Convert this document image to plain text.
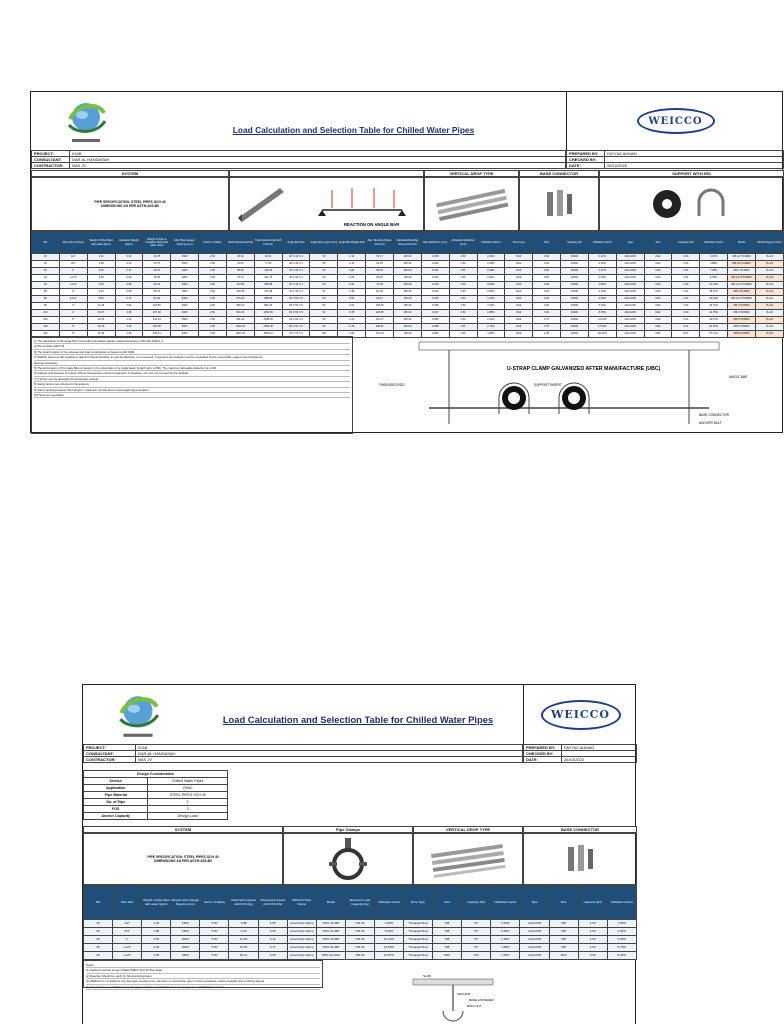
Load Calculation and Selection Table for Chilled Water Pipes
WEICCO
PROJECT:	ICAB
CONSULTANT:	DAR AL HANDASAH
CONTRACTOR:	NAS JV
PREPARED BY:	FAYYAZ AHMAD
CHECKED BY:	
DATE:	26/10/2022
SYSTEM	VERTICAL DROP TYPE	BASE CONNECTOR	SUPPORT WITH RSI
PIPE SPECIFICATION: STEEL PIPES SCH 40
DIMENSIONS AS PER ASTM A53-B0
REACTION ON ANGLE BAR
DN	Pipe Size (Inches)	Weight of Pipe filled with water (kg/m)	Insulation Weight (kg/m)	Weight of Pipe & Insulation filled with water (N/m)	Max Pipe Hanger Spacing (mm)	Factor of Safety	Total induced load (N)	Total induced load with FOS (N)	Angle Bar Size	Angle Bar Length (mm)	Angle Bar Weight (kN)	Max. Bending Stress (N/mm2)	Allowable Bending Stress (N/mm2)	Max Deflection (mm)	Allowable Deflection (mm)	Utilization Factor	Drop Type	Size	Capacity (N)	Utilization Factor	Type	Size	Capacity (kN)	Utilization Factor	Model	Model Support Insert
15	1/2"	1.31	0.40	16.78	1500	2.50	25.16	62.91	40 X 40 X 4	50	0.12	50.17	165.00	0.008	2.50	0.30%	M10	0.60	15000	0.42%	ANCHOR	M10	2.00	3.15%	RB-1/2"X13MM	IS-1/4
20	3/4"	1.68	0.43	20.70	1500	2.50	31.05	77.63	40 X 40 X 4	50	0.15	52.18	165.00	0.009	2.50	0.36%	M10	0.60	15000	0.52%	ANCHOR	M10	2.00	3.88%	RB-3/4"X13MM	IS-1/4
25	1"	2.50	0.47	29.13	2000	2.50	58.26	145.65	40 X 40 X 4	50	0.20	58.35	165.00	0.012	2.50	0.48%	M10	0.60	15000	0.97%	ANCHOR	M10	2.00	7.28%	RB-1"X13MM	IS-1/4
32	1-1/4"	3.39	0.52	38.35	2000	2.50	76.70	191.75	40 X 40 X 4	50	0.25	66.25	165.00	0.016	2.50	0.64%	M10	0.60	15000	1.28%	ANCHOR	M10	2.00	9.59%	RB-1-1/4"X13MM	IS-1/4
40	1-1/2"	4.05	0.58	45.42	2500	2.50	113.55	283.88	40 X 40 X 4	50	0.30	74.06	165.00	0.020	2.50	0.80%	M10	0.60	15000	1.89%	ANCHOR	M10	2.00	14.19%	RB-1-1/2"X13MM	IS-1/4
50	2"	5.44	0.65	59.74	2500	2.50	149.35	373.38	40 X 40 X 4	50	0.38	81.29	165.00	0.024	2.50	0.96%	M10	0.60	15000	2.49%	ANCHOR	M10	2.00	18.67%	RB-2"X13MM	IS-1/4
65	2-1/2"	8.62	0.74	91.82	3000	2.50	275.46	688.65	50 X 50 X 5	50	0.50	92.41	165.00	0.030	2.50	1.20%	M10	0.60	15000	4.59%	ANCHOR	M10	2.00	34.43%	RB-2-1/2"X25MM	IS-1/2
80	3"	11.29	0.82	118.80	3000	2.50	356.40	891.00	50 X 50 X 5	50	0.60	108.45	165.00	0.038	2.50	1.52%	M12	0.84	15000	5.94%	ANCHOR	M12	3.00	29.70%	RB-3"X25MM	IS-1/2
100	4"	16.07	0.95	167.00	3000	2.50	501.00	1252.50	50 X 50 X 5	50	0.78	126.88	165.00	0.047	2.50	1.88%	M12	0.84	15000	8.35%	ANCHOR	M12	3.00	41.75%	RB-4"X25MM	IS-1/2
125	5"	22.53	1.10	231.81	3500	2.50	811.34	2028.35	63 X 63 X 6	50	1.02	142.37	165.00	0.058	2.50	2.32%	M16	1.57	15000	13.52%	ANCHOR	M16	5.00	40.57%	RB-5"X25MM	IS-1/2
150	6"	29.39	1.25	300.58	3500	2.50	1052.03	2630.08	63 X 63 X 6	50	1.25	158.92	165.00	0.068	2.50	2.72%	M16	1.57	15000	17.53%	ANCHOR	M16	5.00	52.60%	RB-6"X25MM	IS-1/2
200	8"	45.34	1.48	459.31	4000	2.50	1837.24	4593.10	75 X 75 X 6	100	1.80	161.20	165.00	0.082	2.50	3.28%	M20	2.45	15000	30.62%	ANCHOR	M20	8.00	57.41%	RB-8"X25MM	IS-3/4

1) The calculation of the Angle Bar is according the elastic-plastic method according to DIN EN 1993-1-1.

2) We consider 100% fill.

3) The determination of the stresses and load combinations is based on EN 1990.

4) Stability issues as flat buckling or lateral torsional buckling, as well as distortion is not covered. If required, the analysis must be conducted by the responsible engineer and bridged as

deemed necessary.

5) The deformation of the Angle Bars is based on the observation of a single beam (length ratio: 1/250). The maximum allowable deflection is L/200.

6) Analysis and stresses of system effects (temperature-induced expansion of pipelines, etc.) are not covered by the analysis.

7) It will be use the allowable Stress Design method.

8) Safety factors are included in the analysis.

9) Clamp spacing between the hangers. Loads are not included in total weight approximation.

10) Sizes are equivalent.

U-STRAP CLAMP GALVANIZED AFTER MANUFACTURE (UBC)
THREADED ROD
ANGLE BAR
SUPPORT INSERT
BASE CONNECTOR
ANCHOR BOLT
Load Calculation and Selection Table for Chilled Water Pipes	WEICCO
PROJECT:	ICAB
CONSULTANT:	DAR AL HANDASAH
CONTRACTOR:	NAS JV
PREPARED BY:	FAYYAZ AHMAD
CHECKED BY:	
DATE:	26/10/2022
Design Consideration	
Service	Chilled Water Pipes
Application	HVAC
Pipe Material	STEEL PIPES SCH 40
No. of Pipe	1
FOS	2
Anchor Capacity	Design Load
SYSTEM	Pipe Clamps	VERTICAL DROP TYPE	BASE CONNECTOR
PIPE SPECIFICATION: STEEL PIPES SCH 40
DIMENSIONS AS PER ASTM A53-B0
DN	Pipe Size	Weight of Pipe filled with water (kg/m)	Require Pipe Hanger Spacing (mm)	Factor of Safety	Total load imposed with FOS (kg)	Total load imposed with FOS (kN)	WEICCO Pipe Clamp	Model	Maximum Load Capacity (kg)	Utilization Factor	Drop Type	Size	Capacity (kN)	Utilization Factor	Type	Size	Capacity (kN)	Utilization Factor
15	1/2"	1.30	1500	2.50	4.88	0.05	Lined Split Clamp	WSC 15-M8	125.00	3.90%	Threaded Rod	M8	9.0	0.54%	ANCHOR	M8	2.50	1.95%
20	3/4"	1.68	1500	2.50	6.30	0.06	Lined Split Clamp	WSC 20-M8	125.00	5.04%	Threaded Rod	M8	9.0	0.69%	ANCHOR	M8	2.50	2.52%
25	1"	2.50	2000	2.50	12.50	0.12	Lined Split Clamp	WSC 25-M8	125.00	10.00%	Threaded Rod	M8	9.0	1.36%	ANCHOR	M8	2.50	5.00%
32	1-1/4"	3.39	2000	2.50	16.95	0.17	Lined Split Clamp	WSC 32-M8	125.00	13.56%	Threaded Rod	M8	9.0	1.85%	ANCHOR	M8	2.50	6.78%
40	1-1/2"	4.05	2500	2.50	25.31	0.25	Lined Split Clamp	WSC 40-M10	150.00	16.87%	Threaded Rod	M10	15.0	1.65%	ANCHOR	M10	3.00	8.44%

Notes:

(1) Applied Load are as per STEEL PIPES SCH 40 Pipe Data

(2) Reaction Should be verify by Structural Engineers

(3) WEICCO is not liable for any damages resulting from selection on information given in their quotations, unless explicitly and in writing agreed

(4) Any of these is not liable for any damages or failure of installation due to improper use of WEICCO products.

SLAB
ANCHOR
BASE FASTENER
RING NUT
